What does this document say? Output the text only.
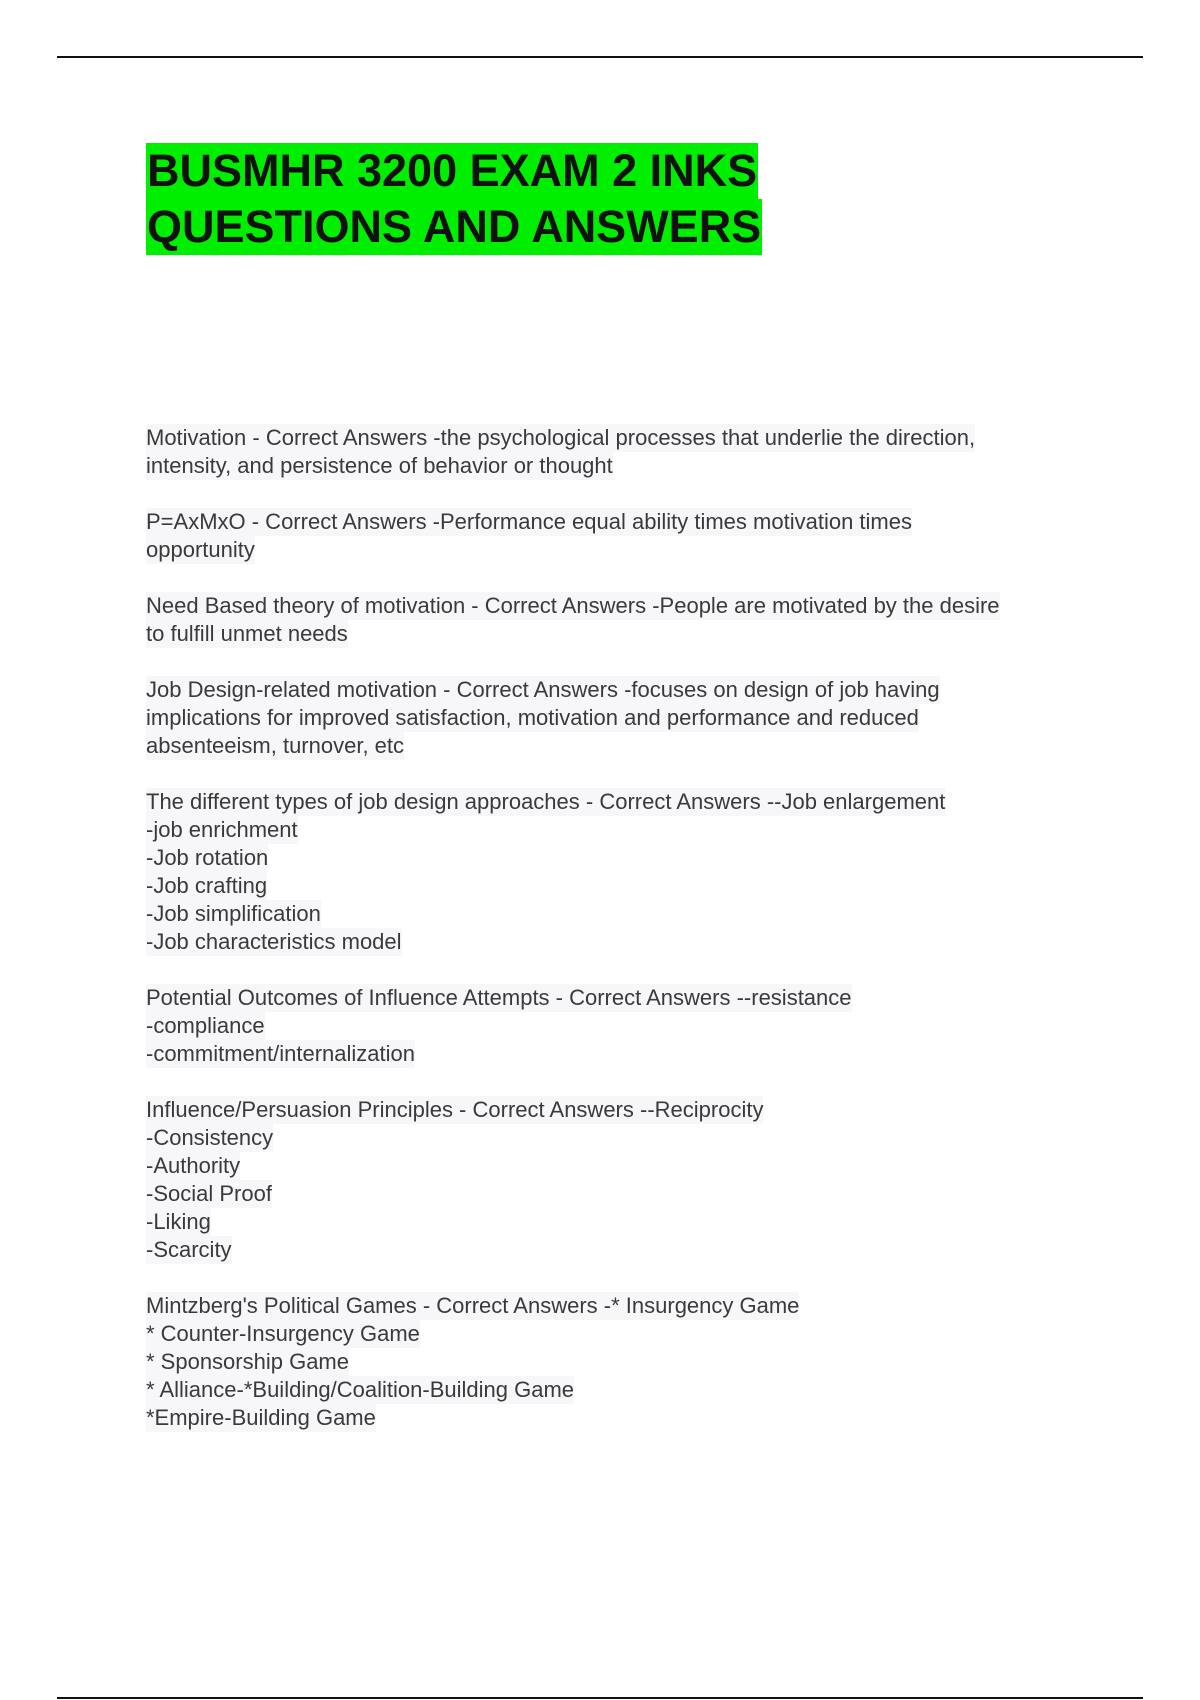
BUSMHR 3200 EXAM 2 INKS
QUESTIONS AND ANSWERS
Motivation - Correct Answers -the psychological processes that underlie the direction,
intensity, and persistence of behavior or thought

P=AxMxO - Correct Answers -Performance equal ability times motivation times
opportunity

Need Based theory of motivation - Correct Answers -People are motivated by the desire
to fulfill unmet needs

Job Design-related motivation - Correct Answers -focuses on design of job having
implications for improved satisfaction, motivation and performance and reduced
absenteeism, turnover, etc

The different types of job design approaches - Correct Answers --Job enlargement
-job enrichment
-Job rotation
-Job crafting
-Job simplification
-Job characteristics model

Potential Outcomes of Influence Attempts - Correct Answers --resistance
-compliance
-commitment/internalization

Influence/Persuasion Principles - Correct Answers --Reciprocity
-Consistency
-Authority
-Social Proof
-Liking
-Scarcity

Mintzberg's Political Games - Correct Answers -* Insurgency Game
* Counter-Insurgency Game
* Sponsorship Game
* Alliance-*Building/Coalition-Building Game
*Empire-Building Game
